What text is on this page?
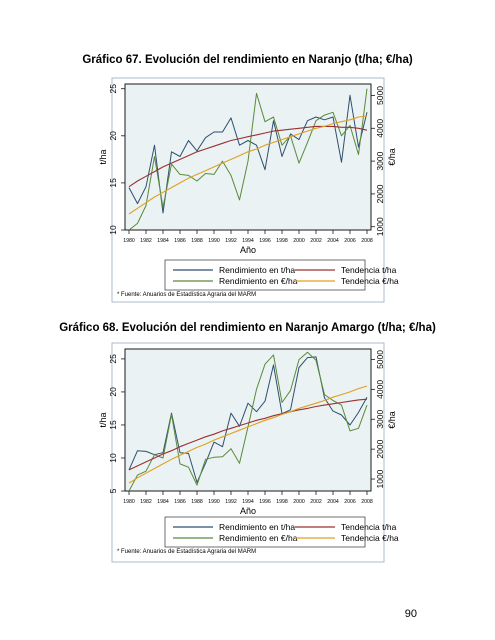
Gráfico 67. Evolución del rendimiento en Naranjo (t/ha; €/ha)
10
15
20
25
1000
2000
3000
4000
5000
1980 1982 1984 1986 1988 1990 1992 1994 1996 1998 2000 2002 2004 2006 2008
t/ha	€/ha
Año
Rendimiento en t/ha	Tendencia t/ha
Rendimiento en €/ha	Tendencia €/ha
* Fuente: Anuarios de Estadística Agraria del MARM
Gráfico 68. Evolución del rendimiento en Naranjo Amargo (t/ha; €/ha)
5
10
15
20
25
1000
2000
3000
4000
5000
1980 1982 1984 1986 1988 1990 1992 1994 1996 1998 2000 2002 2004 2006 2008
t/ha	€/ha
Año
Rendimiento en t/ha	Tendencia t/ha
Rendimiento en €/ha	Tendencia €/ha
* Fuente: Anuarios de Estadística Agraria del MARM
90
